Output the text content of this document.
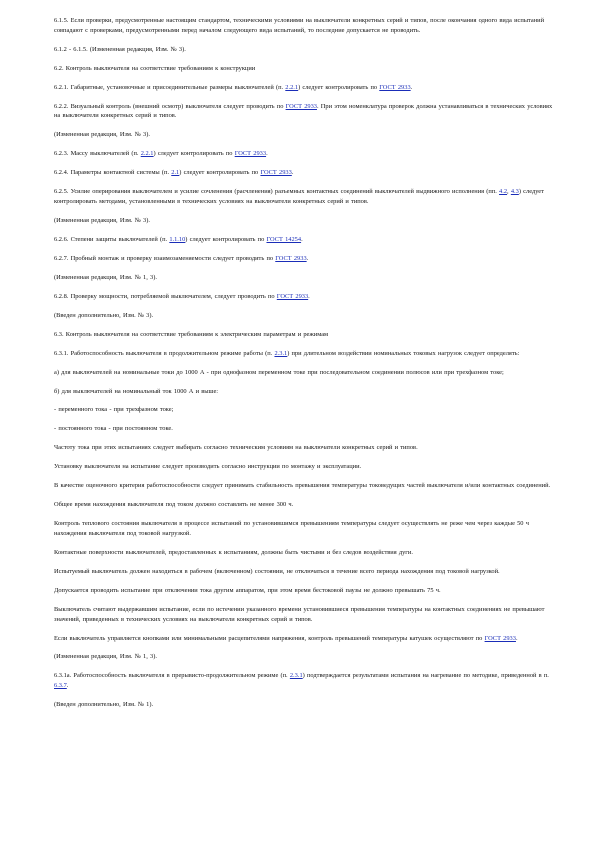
6.1.5. Если проверки, предусмотренные настоящим стандартом, техническими условиями на выключатели конкретных серий и типов, после окончания одного вида испытаний совпадают с проверками, предусмотренными перед началом следующего вида испытаний, то последние допускается не проводить.

6.1.2 - 6.1.5. (Измененная редакция, Изм. № 3).

6.2. Контроль выключателя на соответствие требованиям к конструкции

6.2.1. Габаритные, установочные и присоединительные размеры выключателей (п. 2.2.1) следует контролировать по ГОСТ 2933.

6.2.2. Визуальный контроль (внешний осмотр) выключателя следует проводить по ГОСТ 2933. При этом номенклатура проверок должна устанавливаться в технических условиях на выключатели конкретных серий и типов.

(Измененная редакция, Изм. № 3).

6.2.3. Массу выключателей (п. 2.2.1) следует контролировать по ГОСТ 2933.

6.2.4. Параметры контактной системы (п. 2.1) следует контролировать по ГОСТ 2933.

6.2.5. Усилие оперирования выключателем и усилие сочленения (расчленения) разъемных контактных соединений выключателей выдвижного исполнения (пп. 4.2, 4.3) следует контролировать методами, установленными в технических условиях на выключатели конкретных серий и типов.

(Измененная редакция, Изм. № 3).

6.2.6. Степени защиты выключателей (п. 1.1.10) следует контролировать по ГОСТ 14254.

6.2.7. Пробный монтаж и проверку взаимозаменяемости следует проводить по ГОСТ 2933.

(Измененная редакция, Изм. № 1, 3).

6.2.8. Проверку мощности, потребляемой выключателем, следует проводить по ГОСТ 2933.

(Введен дополнительно, Изм. № 3).

6.3. Контроль выключателя на соответствие требованиям к электрическим параметрам и режимам

6.3.1. Работоспособность выключателя в продолжительном режиме работы (п. 2.3.1) при длительном воздействии номинальных токовых нагрузок следует определять:

а) для выключателей на номинальные токи до 1000 А - при однофазном переменном токе при последовательном соединении полюсов или при трехфазном токе;

б) для выключателей на номинальный ток 1000 А и выше:

- переменного тока - при трехфазном токе;

- постоянного тока - при постоянном токе.

Частоту тока при этих испытаниях следует выбирать согласно техническим условиям на выключатели конкретных серий и типов.

Установку выключателя на испытание следует производить согласно инструкции по монтажу и эксплуатации.

В качестве оценочного критерия работоспособности следует принимать стабильность превышения температуры токоведущих частей выключателя и/или контактных соединений.

Общее время нахождения выключателя под током должно составлять не менее 300 ч.

Контроль теплового состояния выключателя в процессе испытаний по установившимся превышениям температуры следует осуществлять не реже чем через каждые 50 ч нахождения выключателя под токовой нагрузкой.

Контактные поверхности выключателей, предоставленных к испытаниям, должны быть чистыми и без следов воздействия дуги.

Испытуемый выключатель должен находиться в рабочем (включенном) состоянии, не отключаться в течение всего периода нахождения под токовой нагрузкой.

Допускается проводить испытание при отключении тока другим аппаратом, при этом время бестоковой паузы не должно превышать 75 ч.

Выключатель считают выдержавшим испытание, если по истечении указанного времени установившиеся превышения температуры на контактных соединениях не превышают значений, приведенных в технических условиях на выключатели конкретных серий и типов.

Если выключатель управляется кнопками или минимальными расцепителями напряжения, контроль превышений температуры катушек осуществляют по ГОСТ 2933.

(Измененная редакция, Изм. № 1, 3).

6.3.1а. Работоспособность выключателя в прерывисто-продолжительном режиме (п. 2.3.1) подтверждается результатами испытания на нагревание по методике, приведенной в п. 6.3.7.

(Введен дополнительно, Изм. № 1).
